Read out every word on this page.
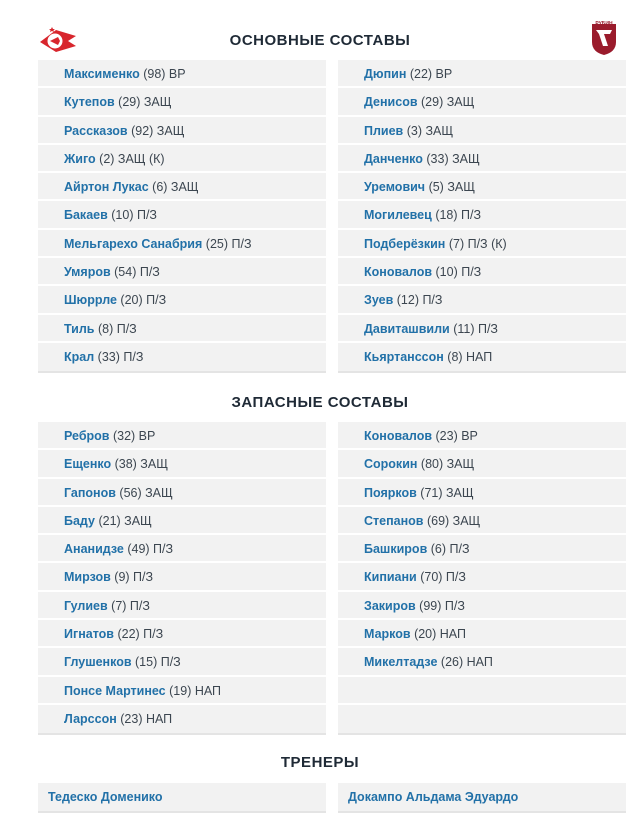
РУБИН
ОСНОВНЫЕ СОСТАВЫ
Максименко (98) ВР
Кутепов (29) ЗАЩ
Рассказов (92) ЗАЩ
Жиго (2) ЗАЩ (К)
Айртон Лукас (6) ЗАЩ
Бакаев (10) П/З
Мельгарехо Санабрия (25) П/З
Умяров (54) П/З
Шюррле (20) П/З
Тиль (8) П/З
Крал (33) П/З
Дюпин (22) ВР
Денисов (29) ЗАЩ
Плиев (3) ЗАЩ
Данченко (33) ЗАЩ
Уремович (5) ЗАЩ
Могилевец (18) П/З
Подберёзкин (7) П/З (К)
Коновалов (10) П/З
Зуев (12) П/З
Давиташвили (11) П/З
Кьяртанссон (8) НАП
ЗАПАСНЫЕ СОСТАВЫ
Ребров (32) ВР
Ещенко (38) ЗАЩ
Гапонов (56) ЗАЩ
Баду (21) ЗАЩ
Ананидзе (49) П/З
Мирзов (9) П/З
Гулиев (7) П/З
Игнатов (22) П/З
Глушенков (15) П/З
Понсе Мартинес (19) НАП
Ларссон (23) НАП
Коновалов (23) ВР
Сорокин (80) ЗАЩ
Поярков (71) ЗАЩ
Степанов (69) ЗАЩ
Башкиров (6) П/З
Кипиани (70) П/З
Закиров (99) П/З
Марков (20) НАП
Микелтадзе (26) НАП
ТРЕНЕРЫ
Тедеско Доменико	Докампо Альдама Эдуардо
